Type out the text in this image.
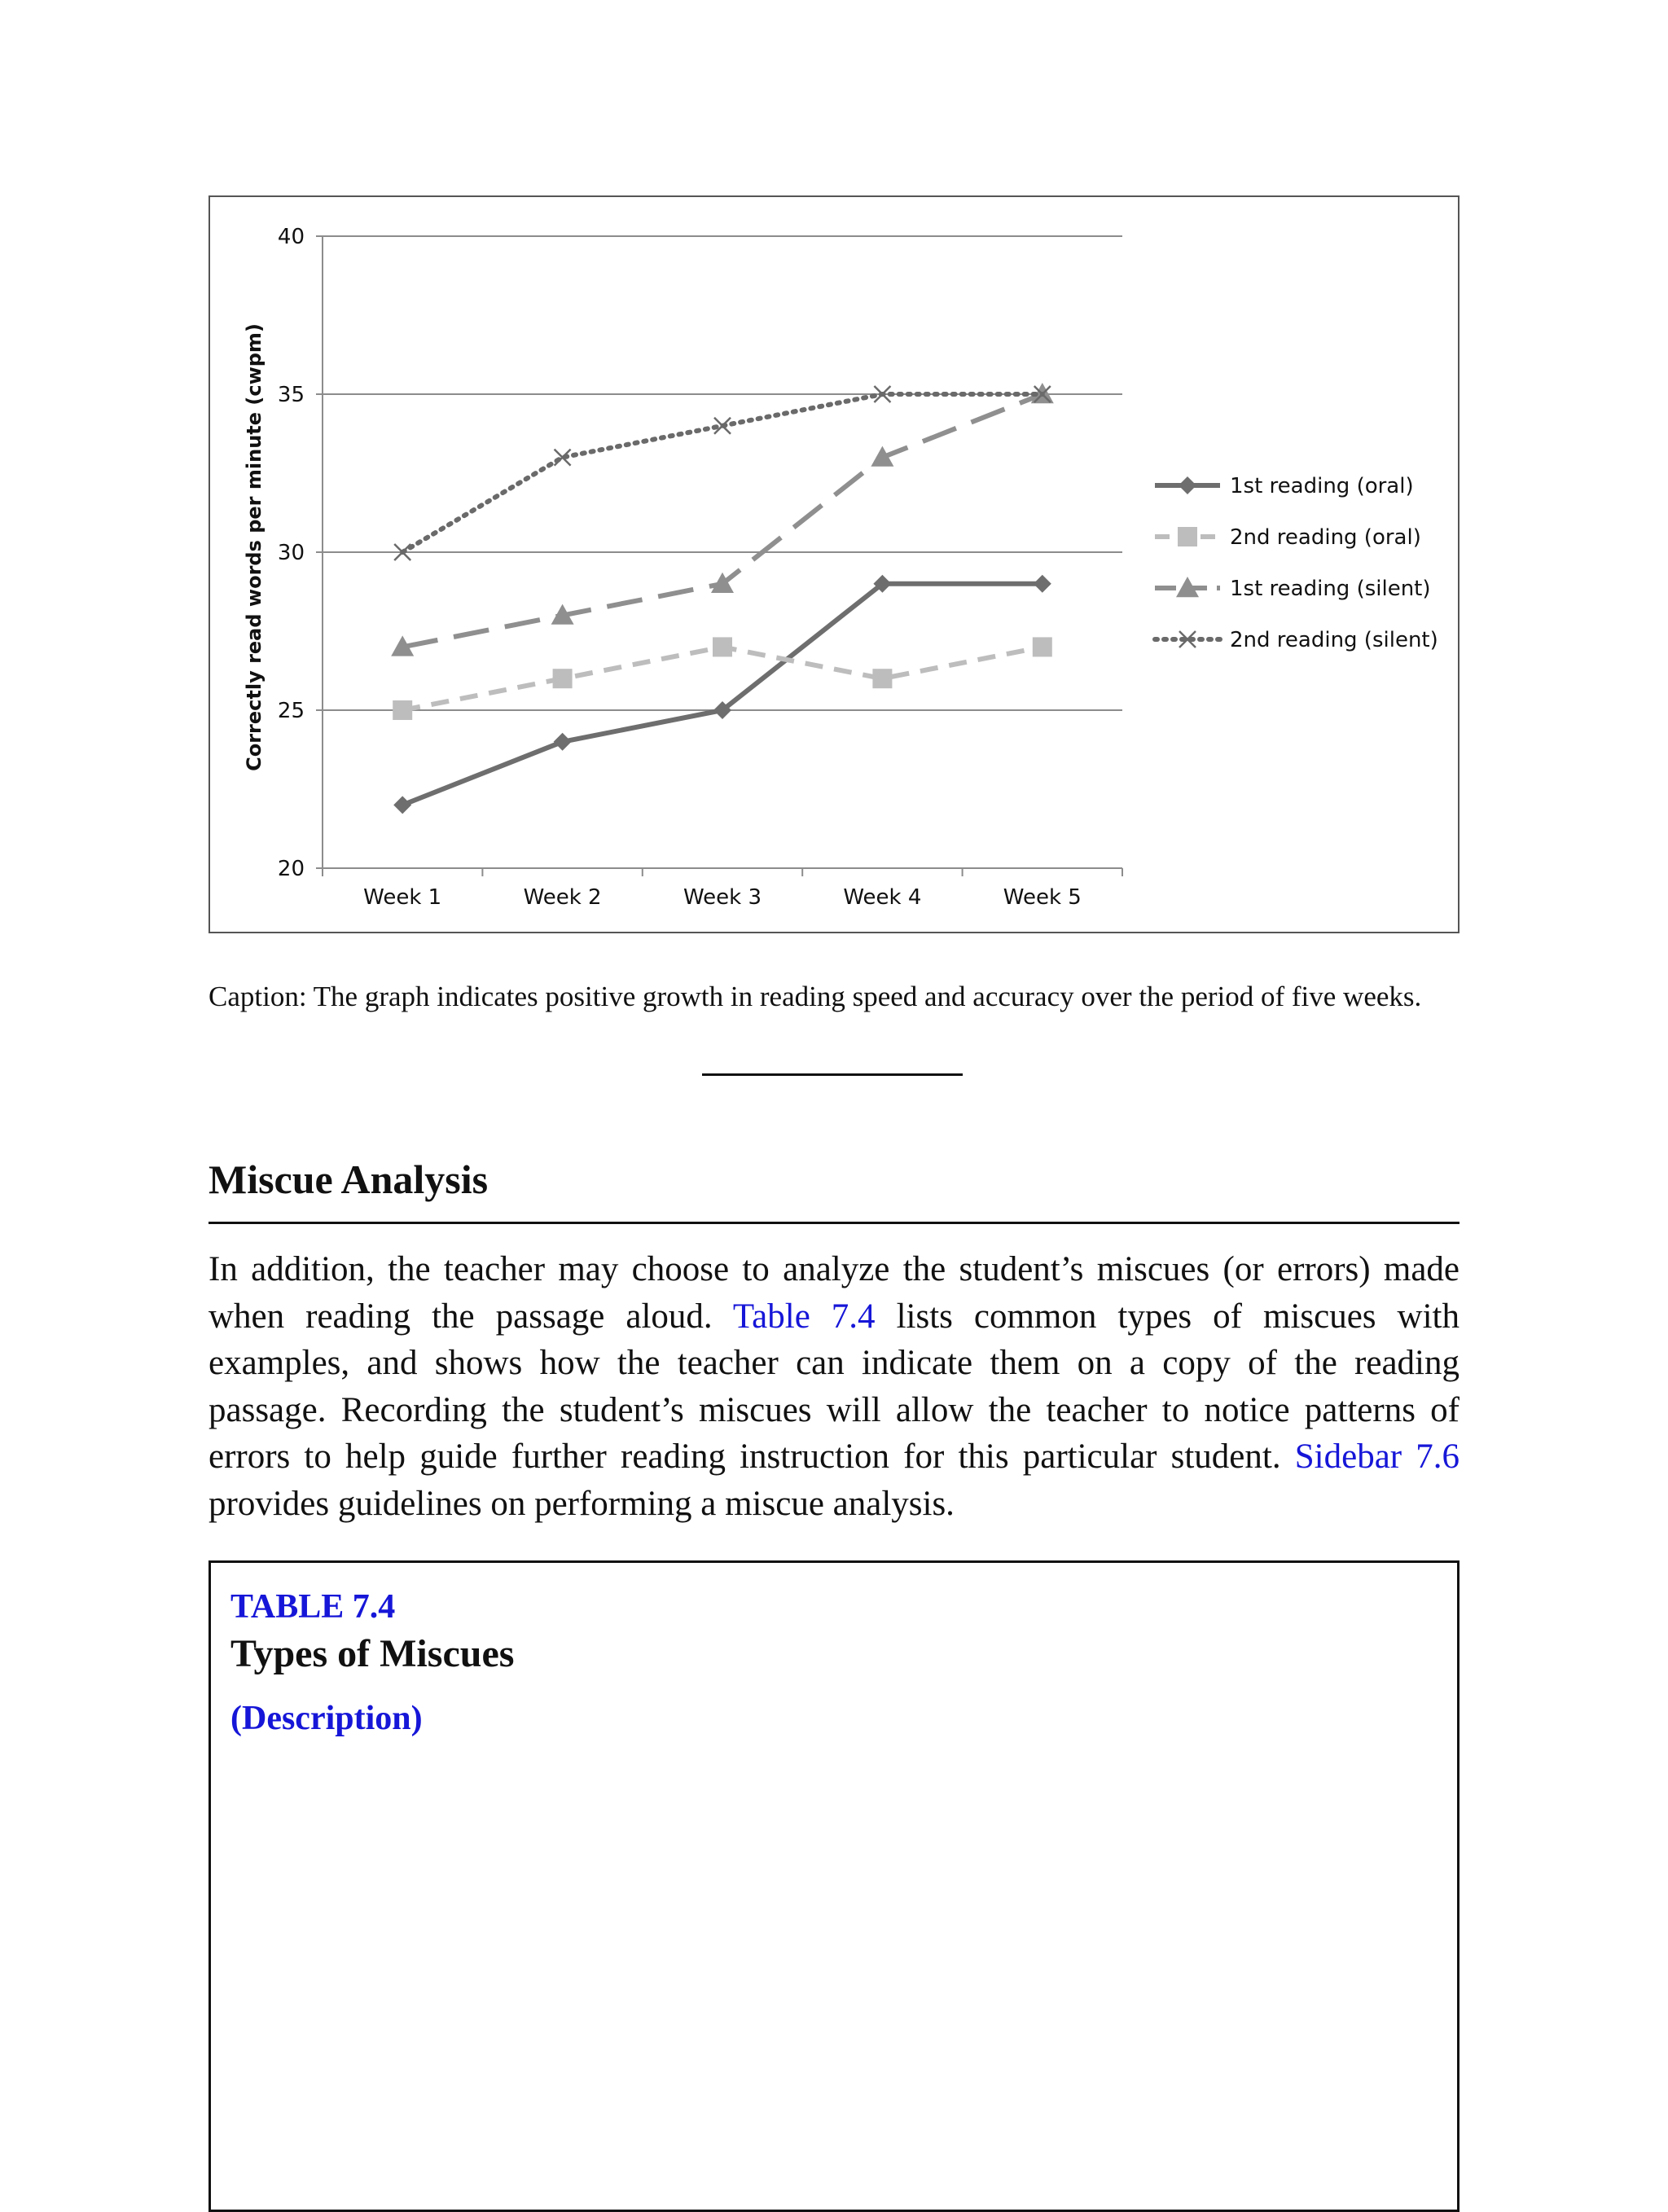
20
25
30
35
40
Week 1	Week 2	Week 3	Week 4	Week 5
1st reading (oral)
2nd reading (oral)
1st reading (silent)
2nd reading (silent)
Correctly read words per minute (cwpm)
Caption: The graph indicates positive growth in reading speed and accuracy over the period of five weeks.
Miscue Analysis

In addition, the teacher may choose to analyze the student’s miscues (or errors) made when reading the passage aloud. Table 7.4 lists common types of miscues with examples, and shows how the teacher can indicate them on a copy of the reading passage. Recording the student’s miscues will allow the teacher to notice patterns of errors to help guide further reading instruction for this particular student. Sidebar 7.6 provides guidelines on performing a miscue analysis.

TABLE 7.4
Types of Miscues
(Description)
